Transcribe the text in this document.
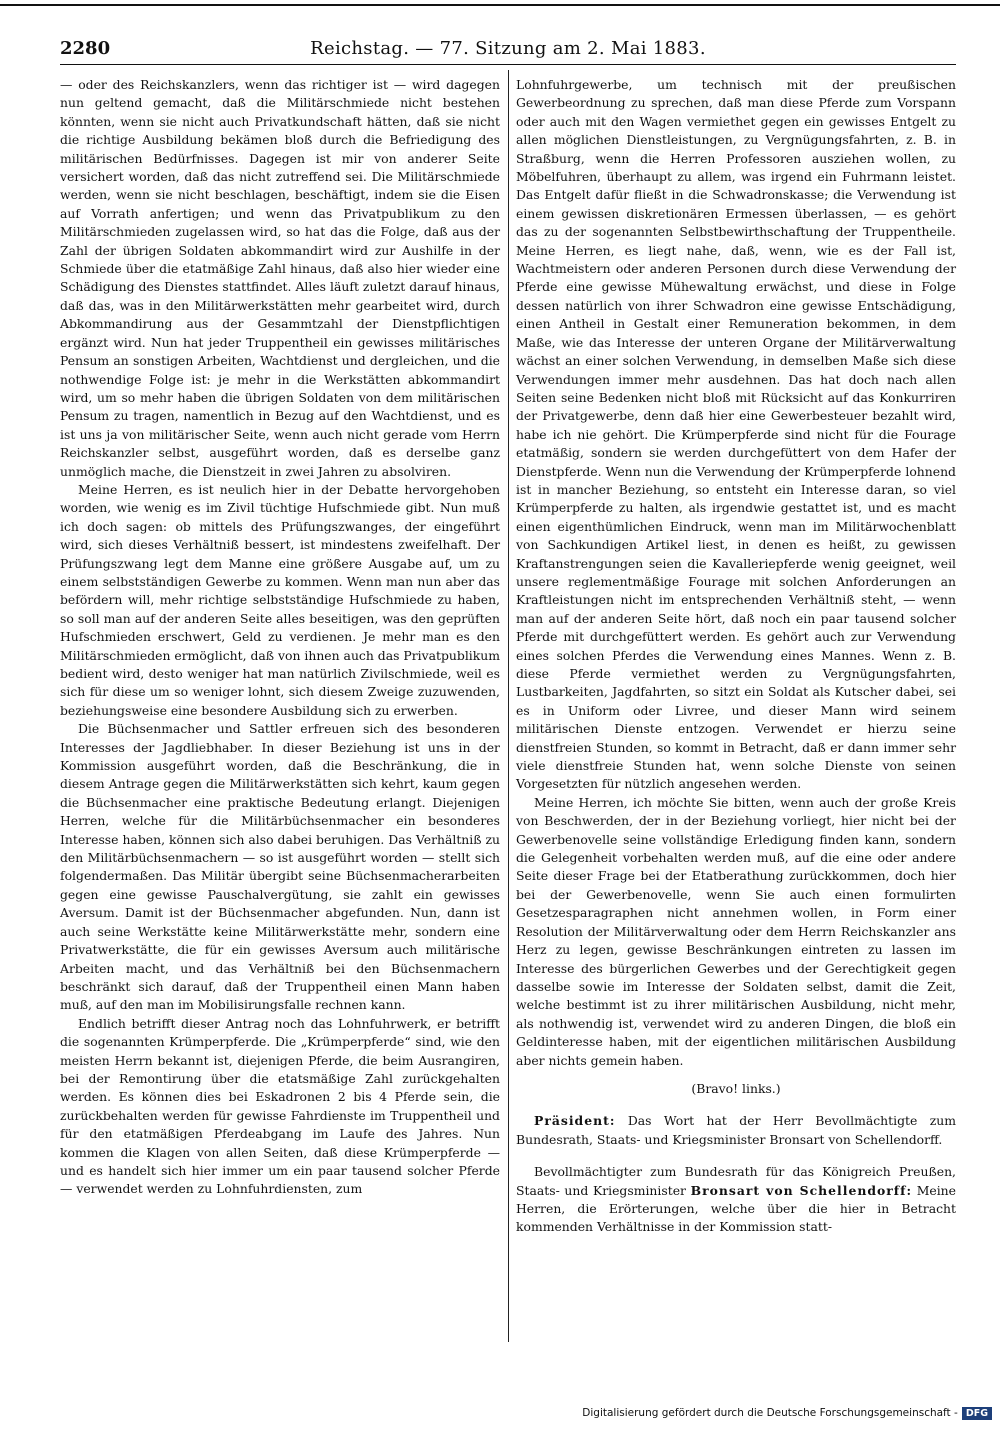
2280	Reichstag. — 77. Sitzung am 2. Mai 1883.

— oder des Reichskanzlers, wenn das richtiger ist — wird dagegen nun geltend gemacht, daß die Militärschmiede nicht bestehen könnten, wenn sie nicht auch Privatkundschaft hätten, daß sie nicht die richtige Ausbildung bekämen bloß durch die Befriedigung des militärischen Bedürfnisses. Dagegen ist mir von anderer Seite versichert worden, daß das nicht zutreffend sei. Die Militärschmiede werden, wenn sie nicht beschlagen, beschäftigt, indem sie die Eisen auf Vorrath anfertigen; und wenn das Privatpublikum zu den Militärschmieden zugelassen wird, so hat das die Folge, daß aus der Zahl der übrigen Soldaten abkommandirt wird zur Aushilfe in der Schmiede über die etatmäßige Zahl hinaus, daß also hier wieder eine Schädigung des Dienstes stattfindet. Alles läuft zuletzt darauf hinaus, daß das, was in den Militärwerkstätten mehr gearbeitet wird, durch Abkommandirung aus der Gesammtzahl der Dienstpflichtigen ergänzt wird. Nun hat jeder Truppentheil ein gewisses militärisches Pensum an sonstigen Arbeiten, Wachtdienst und dergleichen, und die nothwendige Folge ist: je mehr in die Werkstätten abkommandirt wird, um so mehr haben die übrigen Soldaten von dem militärischen Pensum zu tragen, namentlich in Bezug auf den Wachtdienst, und es ist uns ja von militärischer Seite, wenn auch nicht gerade vom Herrn Reichskanzler selbst, ausgeführt worden, daß es derselbe ganz unmöglich mache, die Dienstzeit in zwei Jahren zu absolviren.

Meine Herren, es ist neulich hier in der Debatte hervorgehoben worden, wie wenig es im Zivil tüchtige Hufschmiede gibt. Nun muß ich doch sagen: ob mittels des Prüfungszwanges, der eingeführt wird, sich dieses Verhältniß bessert, ist mindestens zweifelhaft. Der Prüfungszwang legt dem Manne eine größere Ausgabe auf, um zu einem selbstständigen Gewerbe zu kommen. Wenn man nun aber das befördern will, mehr richtige selbstständige Hufschmiede zu haben, so soll man auf der anderen Seite alles beseitigen, was den geprüften Hufschmieden erschwert, Geld zu verdienen. Je mehr man es den Militärschmieden ermöglicht, daß von ihnen auch das Privatpublikum bedient wird, desto weniger hat man natürlich Zivilschmiede, weil es sich für diese um so weniger lohnt, sich diesem Zweige zuzuwenden, beziehungsweise eine besondere Ausbildung sich zu erwerben.

Die Büchsenmacher und Sattler erfreuen sich des besonderen Interesses der Jagdliebhaber. In dieser Beziehung ist uns in der Kommission ausgeführt worden, daß die Beschränkung, die in diesem Antrage gegen die Militärwerkstätten sich kehrt, kaum gegen die Büchsenmacher eine praktische Bedeutung erlangt. Diejenigen Herren, welche für die Militärbüchsenmacher ein besonderes Interesse haben, können sich also dabei beruhigen. Das Verhältniß zu den Militärbüchsenmachern — so ist ausgeführt worden — stellt sich folgendermaßen. Das Militär übergibt seine Büchsenmacherarbeiten gegen eine gewisse Pauschalvergütung, sie zahlt ein gewisses Aversum. Damit ist der Büchsenmacher abgefunden. Nun, dann ist auch seine Werkstätte keine Militärwerkstätte mehr, sondern eine Privatwerkstätte, die für ein gewisses Aversum auch militärische Arbeiten macht, und das Verhältniß bei den Büchsenmachern beschränkt sich darauf, daß der Truppentheil einen Mann haben muß, auf den man im Mobilisirungsfalle rechnen kann.

Endlich betrifft dieser Antrag noch das Lohnfuhrwerk, er betrifft die sogenannten Krümperpferde. Die „Krümperpferde“ sind, wie den meisten Herrn bekannt ist, diejenigen Pferde, die beim Ausrangiren, bei der Remontirung über die etatsmäßige Zahl zurückgehalten werden. Es können dies bei Eskadronen 2 bis 4 Pferde sein, die zurückbehalten werden für gewisse Fahrdienste im Truppentheil und für den etatmäßigen Pferdeabgang im Laufe des Jahres. Nun kommen die Klagen von allen Seiten, daß diese Krümperpferde — und es handelt sich hier immer um ein paar tausend solcher Pferde — verwendet werden zu Lohnfuhrdiensten, zum

Lohnfuhrgewerbe, um technisch mit der preußischen Gewerbeordnung zu sprechen, daß man diese Pferde zum Vorspann oder auch mit den Wagen vermiethet gegen ein gewisses Entgelt zu allen möglichen Dienstleistungen, zu Vergnügungsfahrten, z. B. in Straßburg, wenn die Herren Professoren ausziehen wollen, zu Möbelfuhren, überhaupt zu allem, was irgend ein Fuhrmann leistet. Das Entgelt dafür fließt in die Schwadronskasse; die Verwendung ist einem gewissen diskretionären Ermessen überlassen, — es gehört das zu der sogenannten Selbstbewirthschaftung der Truppentheile. Meine Herren, es liegt nahe, daß, wenn, wie es der Fall ist, Wachtmeistern oder anderen Personen durch diese Verwendung der Pferde eine gewisse Mühewaltung erwächst, und diese in Folge dessen natürlich von ihrer Schwadron eine gewisse Entschädigung, einen Antheil in Gestalt einer Remuneration bekommen, in dem Maße, wie das Interesse der unteren Organe der Militärverwaltung wächst an einer solchen Verwendung, in demselben Maße sich diese Verwendungen immer mehr ausdehnen. Das hat doch nach allen Seiten seine Bedenken nicht bloß mit Rücksicht auf das Konkurriren der Privatgewerbe, denn daß hier eine Gewerbesteuer bezahlt wird, habe ich nie gehört. Die Krümperpferde sind nicht für die Fourage etatmäßig, sondern sie werden durchgefüttert von dem Hafer der Dienstpferde. Wenn nun die Verwendung der Krümperpferde lohnend ist in mancher Beziehung, so entsteht ein Interesse daran, so viel Krümperpferde zu halten, als irgendwie gestattet ist, und es macht einen eigenthümlichen Eindruck, wenn man im Militärwochenblatt von Sachkundigen Artikel liest, in denen es heißt, zu gewissen Kraftanstrengungen seien die Kavalleriepferde wenig geeignet, weil unsere reglementmäßige Fourage mit solchen Anforderungen an Kraftleistungen nicht im entsprechenden Verhältniß steht, — wenn man auf der anderen Seite hört, daß noch ein paar tausend solcher Pferde mit durchgefüttert werden. Es gehört auch zur Verwendung eines solchen Pferdes die Verwendung eines Mannes. Wenn z. B. diese Pferde vermiethet werden zu Vergnügungsfahrten, Lustbarkeiten, Jagdfahrten, so sitzt ein Soldat als Kutscher dabei, sei es in Uniform oder Livree, und dieser Mann wird seinem militärischen Dienste entzogen. Verwendet er hierzu seine dienstfreien Stunden, so kommt in Betracht, daß er dann immer sehr viele dienstfreie Stunden hat, wenn solche Dienste von seinen Vorgesetzten für nützlich angesehen werden.

Meine Herren, ich möchte Sie bitten, wenn auch der große Kreis von Beschwerden, der in der Beziehung vorliegt, hier nicht bei der Gewerbenovelle seine vollständige Erledigung finden kann, sondern die Gelegenheit vorbehalten werden muß, auf die eine oder andere Seite dieser Frage bei der Etatberathung zurückkommen, doch hier bei der Gewerbenovelle, wenn Sie auch einen formulirten Gesetzesparagraphen nicht annehmen wollen, in Form einer Resolution der Militärverwaltung oder dem Herrn Reichskanzler ans Herz zu legen, gewisse Beschränkungen eintreten zu lassen im Interesse des bürgerlichen Gewerbes und der Gerechtigkeit gegen dasselbe sowie im Interesse der Soldaten selbst, damit die Zeit, welche bestimmt ist zu ihrer militärischen Ausbildung, nicht mehr, als nothwendig ist, verwendet wird zu anderen Dingen, die bloß ein Geldinteresse haben, mit der eigentlichen militärischen Ausbildung aber nichts gemein haben.

(Bravo! links.)

Präsident: Das Wort hat der Herr Bevollmächtigte zum Bundesrath, Staats- und Kriegsminister Bronsart von Schellendorff.

Bevollmächtigter zum Bundesrath für das Königreich Preußen, Staats- und Kriegsminister Bronsart von Schellendorff: Meine Herren, die Erörterungen, welche über die hier in Betracht kommenden Verhältnisse in der Kommission statt-

Digitalisierung gefördert durch die Deutsche Forschungsgemeinschaft - DFG
